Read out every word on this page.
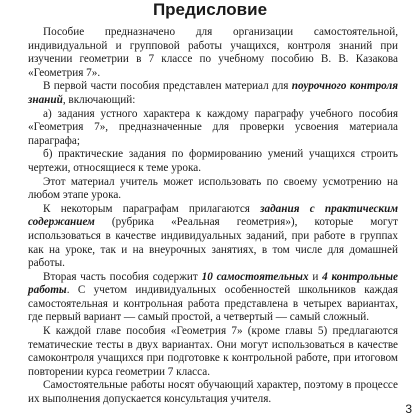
Предисловие

Пособие предназначено для организации самостоятельной, индивидуальной и групповой работы учащихся, контроля знаний при изучении геометрии в 7 классе по учебному пособию В. В. Казакова «Геометрия 7».

В первой части пособия представлен материал для поурочного контроля знаний, включающий:

а) задания устного характера к каждому параграфу учебного пособия «Геометрия 7», предназначенные для проверки усвоения материала параграфа;

б) практические задания по формированию умений учащихся строить чертежи, относящиеся к теме урока.

Этот материал учитель может использовать по своему усмотрению на любом этапе урока.

К некоторым параграфам прилагаются задания с практическим содержанием (рубрика «Реальная геометрия»), которые могут использоваться в качестве индивидуальных заданий, при работе в группах как на уроке, так и на внеурочных занятиях, в том числе для домашней работы.

Вторая часть пособия содержит 10 самостоятельных и 4 контрольные работы. С учетом индивидуальных особенностей школьников каждая самостоятельная и контрольная работа представлена в четырех вариантах, где первый вариант — самый простой, а четвертый — самый сложный.

К каждой главе пособия «Геометрия 7» (кроме главы 5) предлагаются тематические тесты в двух вариантах. Они могут использоваться в качестве самоконтроля учащихся при подготовке к контрольной работе, при итоговом повторении курса геометрии 7 класса.

Самостоятельные работы носят обучающий характер, поэтому в процессе их выполнения допускается консультация учителя.

3
